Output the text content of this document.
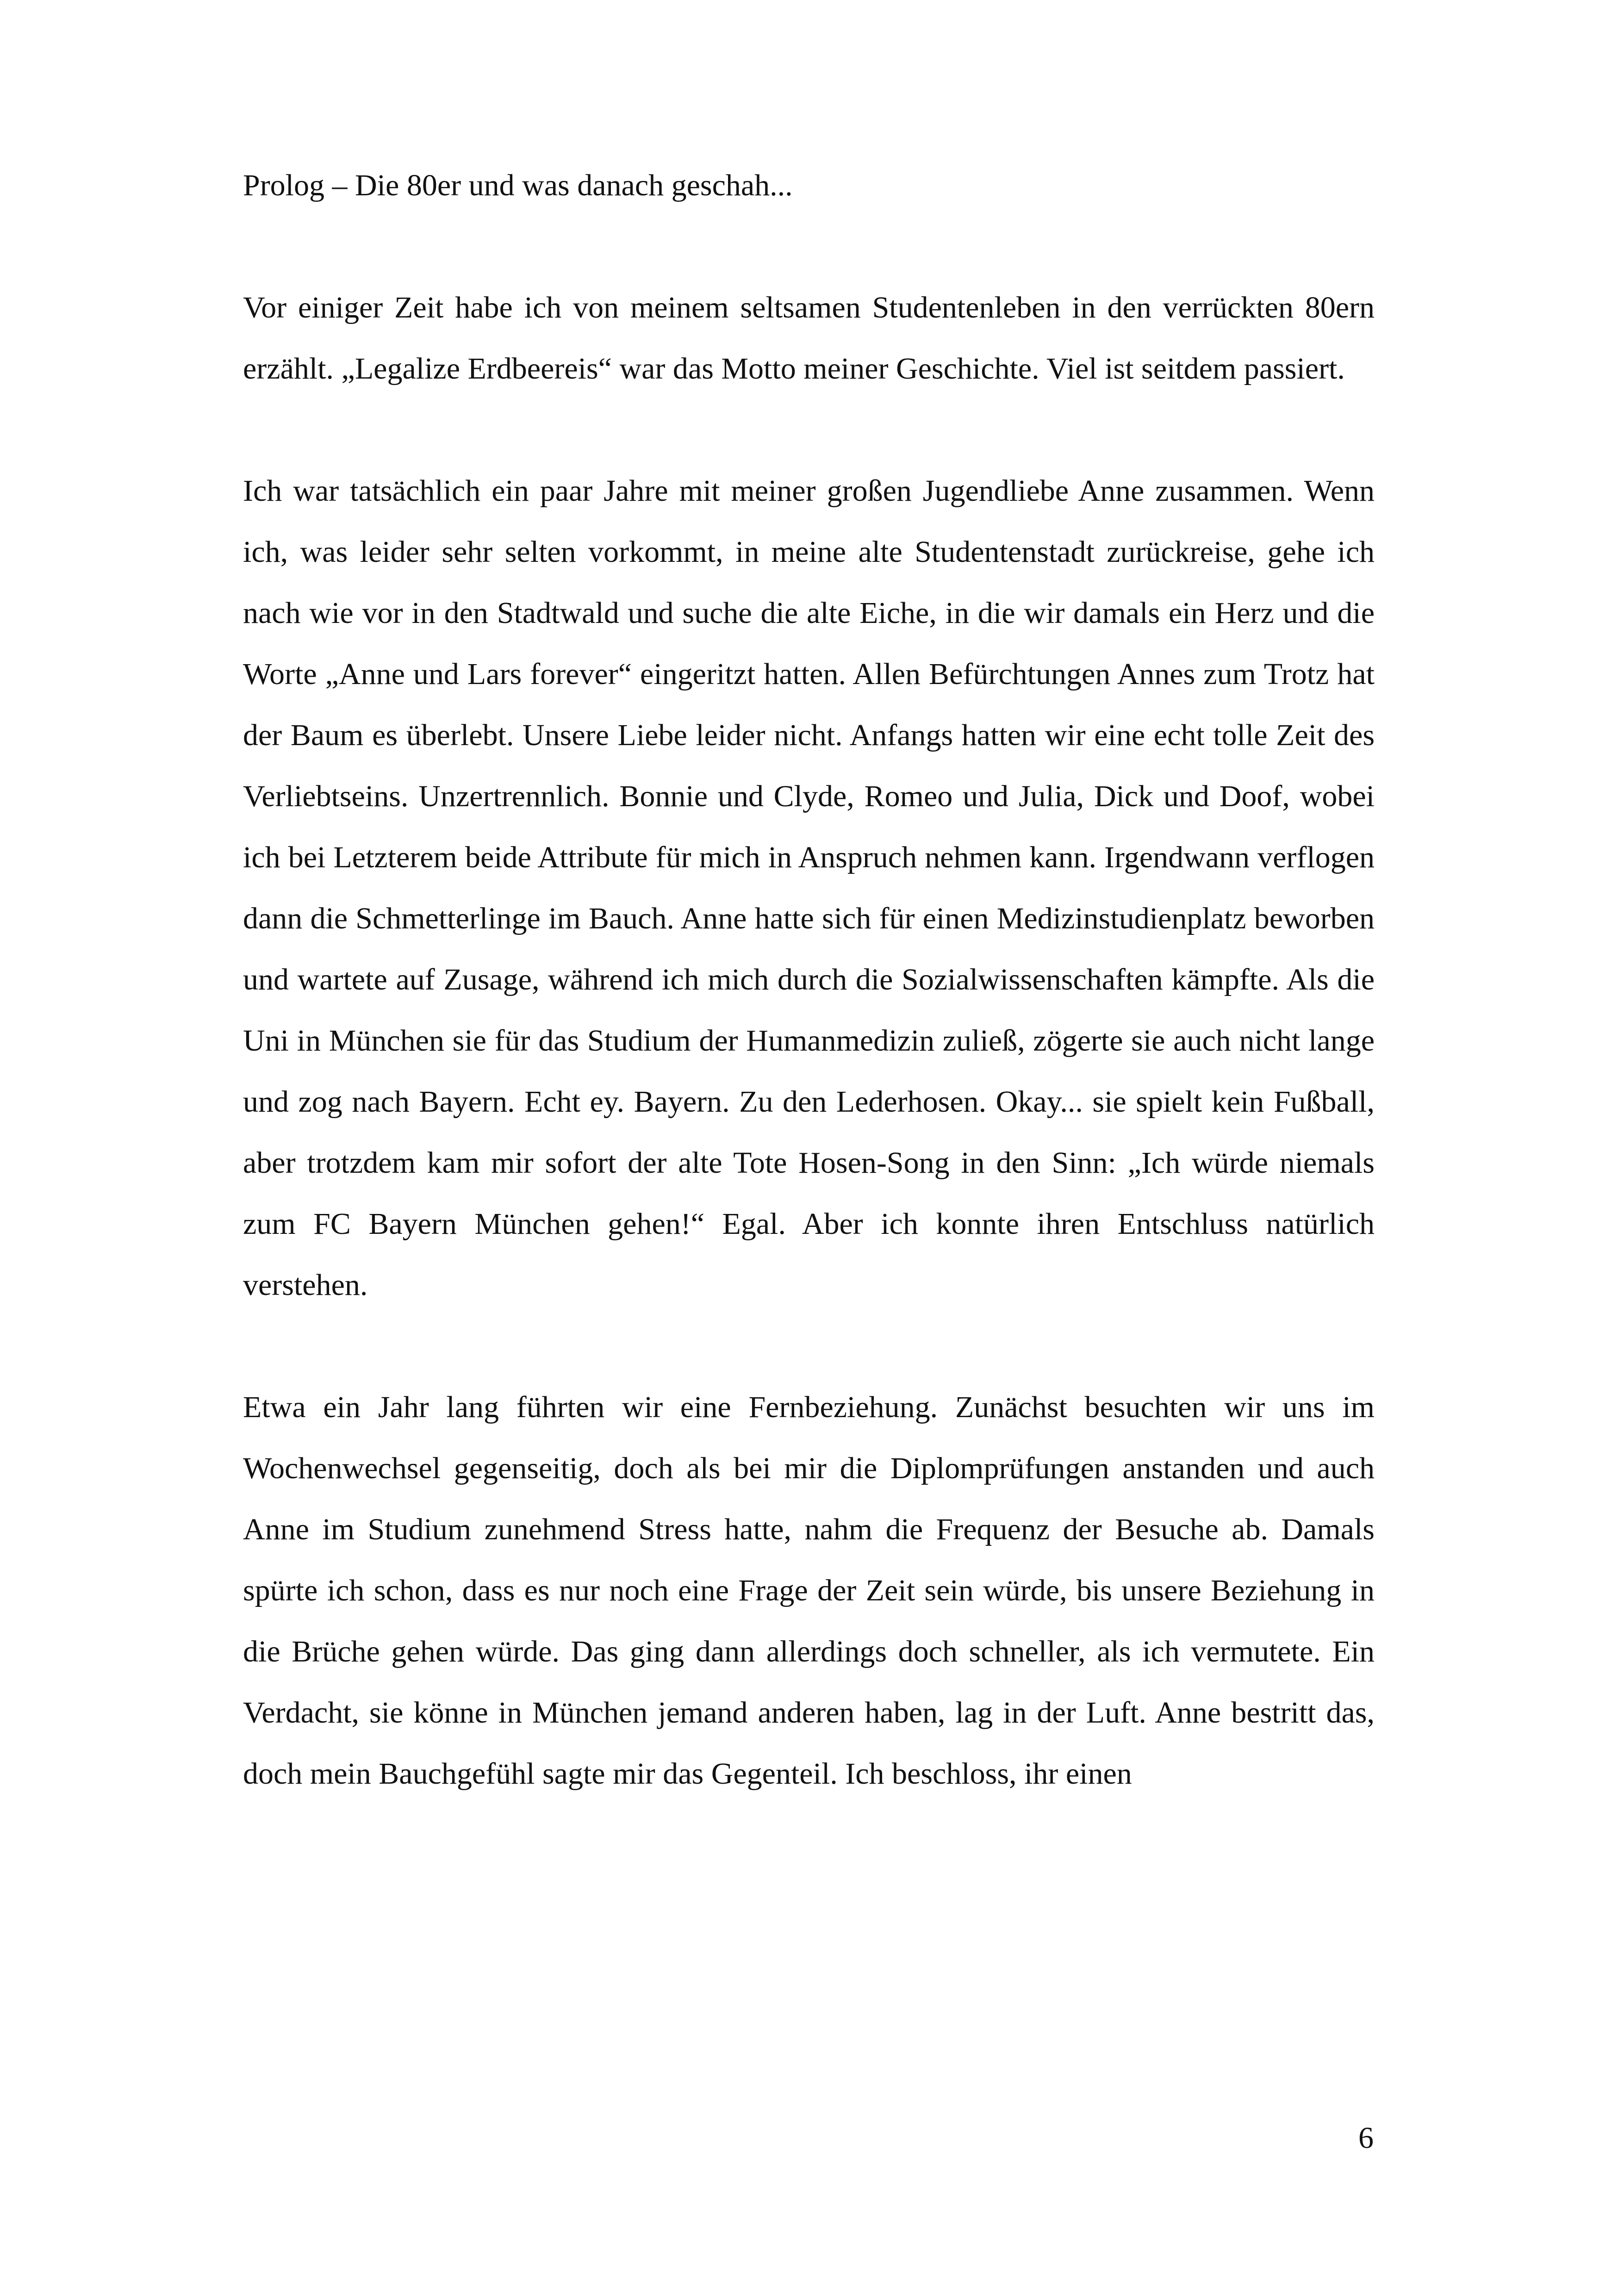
Prolog – Die 80er und was danach geschah...

Vor einiger Zeit habe ich von meinem seltsamen Studentenleben in den verrückten 80ern erzählt. „Legalize Erdbeereis“ war das Motto meiner Geschichte. Viel ist seitdem passiert.

Ich war tatsächlich ein paar Jahre mit meiner großen Jugendliebe Anne zusammen. Wenn ich, was leider sehr selten vorkommt, in meine alte Studentenstadt zurückreise, gehe ich nach wie vor in den Stadtwald und suche die alte Eiche, in die wir damals ein Herz und die Worte „Anne und Lars forever“ eingeritzt hatten. Allen Befürchtungen Annes zum Trotz hat der Baum es überlebt. Unsere Liebe leider nicht. Anfangs hatten wir eine echt tolle Zeit des Verliebtseins. Unzertrennlich. Bonnie und Clyde, Romeo und Julia, Dick und Doof, wobei ich bei Letzterem beide Attribute für mich in Anspruch nehmen kann. Irgendwann verflogen dann die Schmetterlinge im Bauch. Anne hatte sich für einen Medizinstudienplatz beworben und wartete auf Zusage, während ich mich durch die Sozialwissenschaften kämpfte. Als die Uni in München sie für das Studium der Humanmedizin zuließ, zögerte sie auch nicht lange und zog nach Bayern. Echt ey. Bayern. Zu den Lederhosen. Okay... sie spielt kein Fußball, aber trotzdem kam mir sofort der alte Tote Hosen-Song in den Sinn: „Ich würde niemals zum FC Bayern München gehen!“ Egal. Aber ich konnte ihren Entschluss natürlich verstehen.

Etwa ein Jahr lang führten wir eine Fernbeziehung. Zunächst besuchten wir uns im Wochenwechsel gegenseitig, doch als bei mir die Diplomprüfungen anstanden und auch Anne im Studium zunehmend Stress hatte, nahm die Frequenz der Besuche ab. Damals spürte ich schon, dass es nur noch eine Frage der Zeit sein würde, bis unsere Beziehung in die Brüche gehen würde. Das ging dann allerdings doch schneller, als ich vermutete. Ein Verdacht, sie könne in München jemand anderen haben, lag in der Luft. Anne bestritt das, doch mein Bauchgefühl sagte mir das Gegenteil. Ich beschloss, ihr einen

6
